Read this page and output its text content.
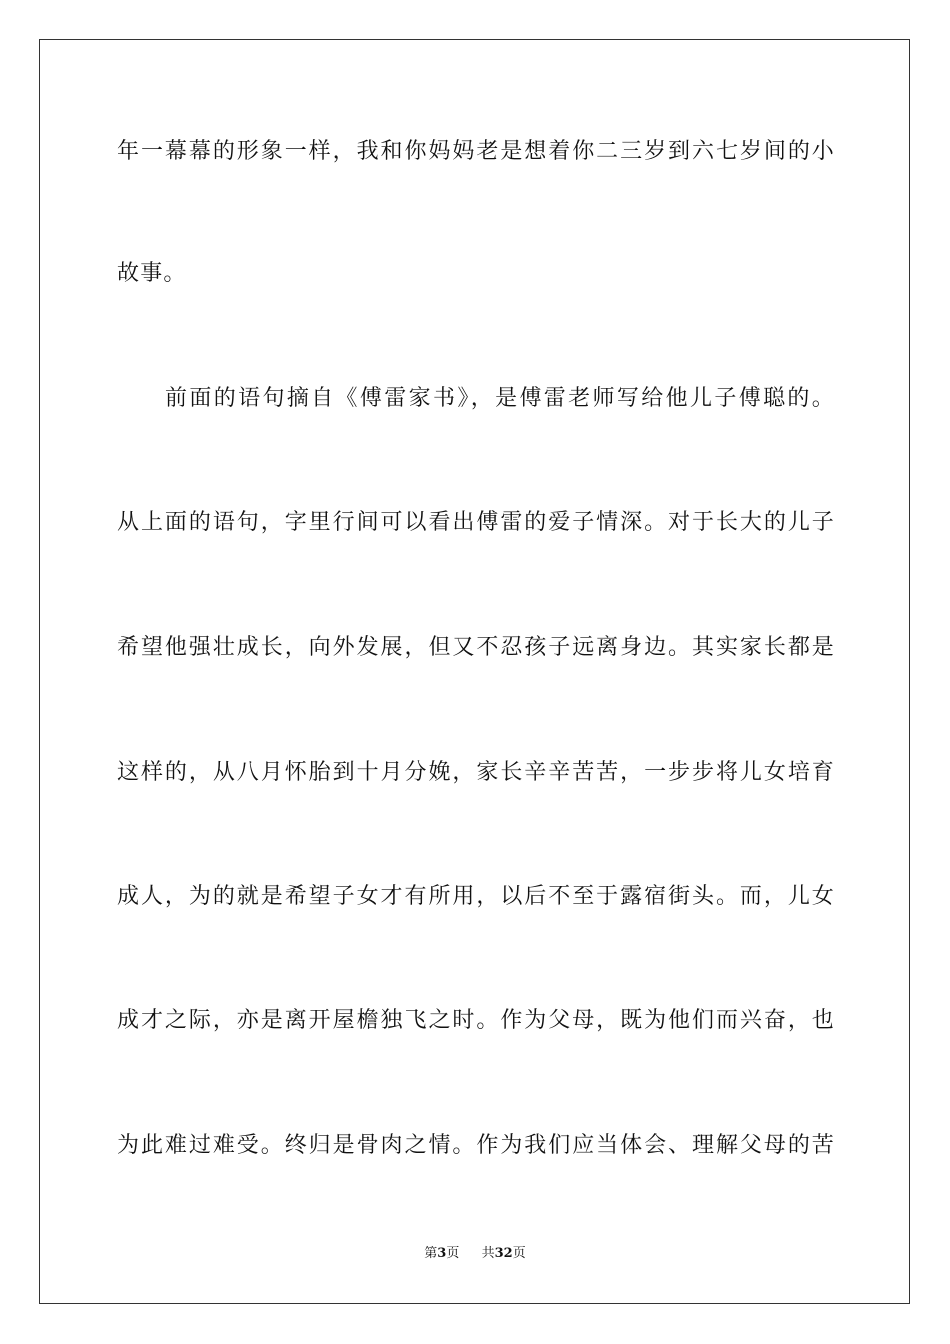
年一幕幕的形象一样，我和你妈妈老是想着你二三岁到六七岁间的小
故事。
前面的语句摘自《傅雷家书》，是傅雷老师写给他儿子傅聪的。
从上面的语句，字里行间可以看出傅雷的爱子情深。对于长大的儿子
希望他强壮成长，向外发展，但又不忍孩子远离身边。其实家长都是
这样的，从八月怀胎到十月分娩，家长辛辛苦苦，一步步将儿女培育
成人，为的就是希望子女才有所用，以后不至于露宿街头。而，儿女
成才之际，亦是离开屋檐独飞之时。作为父母，既为他们而兴奋，也
为此难过难受。终归是骨肉之情。作为我们应当体会、理解父母的苦
第3页 共32页
